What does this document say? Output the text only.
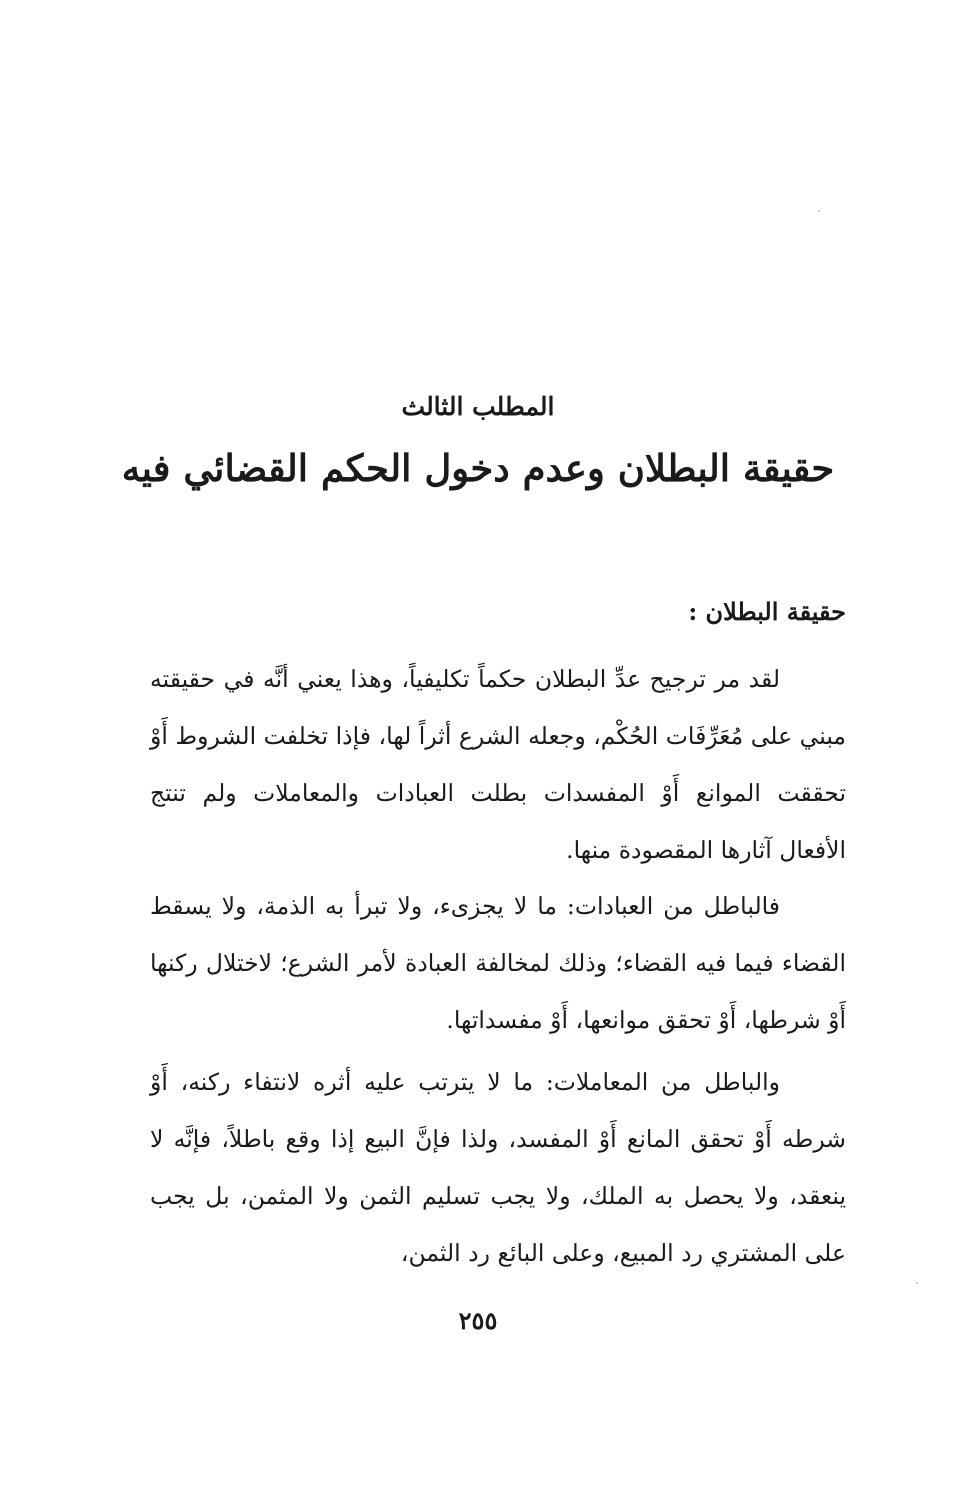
المطلب الثالث
حقيقة البطلان وعدم دخول الحكم القضائي فيه
حقيقة البطلان :

لقد مر ترجيح عدِّ البطلان حكماً تكليفياً، وهذا يعني أنَّه في حقيقته مبني على مُعَرِّفَات الحُكْم، وجعله الشرع أثراً لها، فإذا تخلفت الشروط أَوْ تحققت الموانع أَوْ المفسدات بطلت العبادات والمعاملات ولم تنتج الأفعال آثارها المقصودة منها.

فالباطل من العبادات: ما لا يجزىء، ولا تبرأ به الذمة، ولا يسقط القضاء فيما فيه القضاء؛ وذلك لمخالفة العبادة لأمر الشرع؛ لاختلال ركنها أَوْ شرطها، أَوْ تحقق موانعها، أَوْ مفسداتها.

والباطل من المعاملات: ما لا يترتب عليه أثره لانتفاء ركنه، أَوْ شرطه أَوْ تحقق المانع أَوْ المفسد، ولذا فإنَّ البيع إذا وقع باطلاً، فإنَّه لا ينعقد، ولا يحصل به الملك، ولا يجب تسليم الثمن ولا المثمن، بل يجب على المشتري رد المبيع، وعلى البائع رد الثمن،

٢٥٥
